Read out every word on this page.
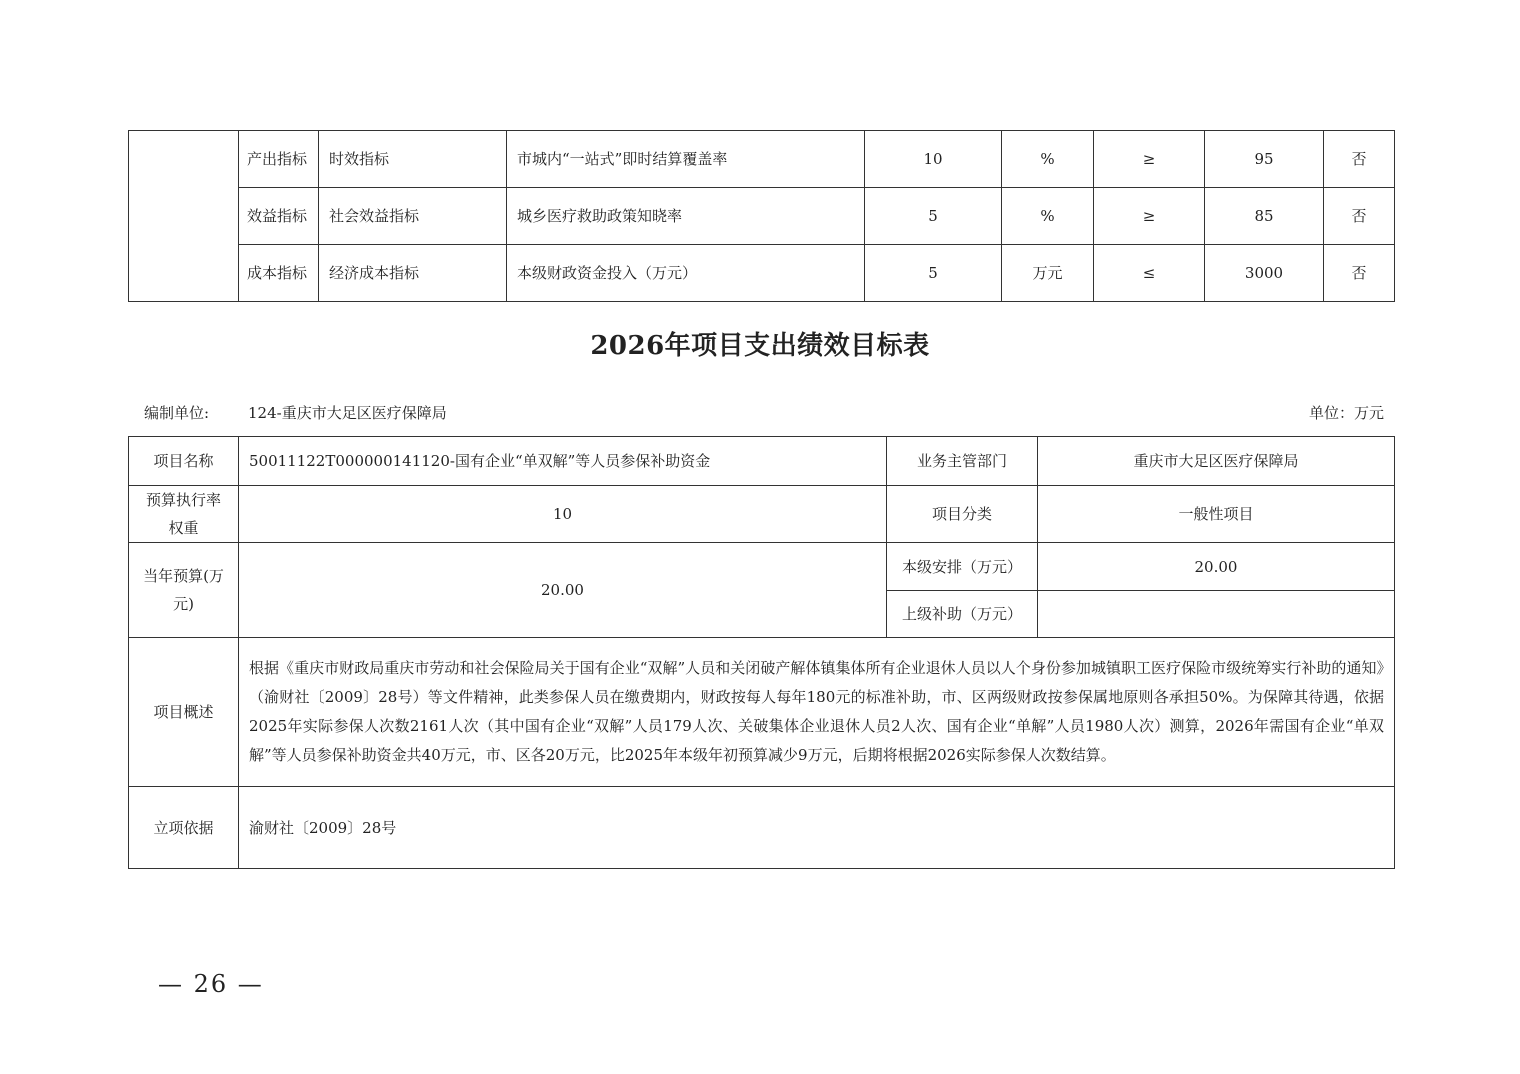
	产出指标	时效指标	市城内“一站式”即时结算覆盖率	10	%	≥	95	否
	效益指标	社会效益指标	城乡医疗救助政策知晓率	5	%	≥	85	否
	成本指标	经济成本指标	本级财政资金投入（万元）	5	万元	≤	3000	否
2026年项目支出绩效目标表
编制单位:	124-重庆市大足区医疗保障局	单位：万元
项目名称	50011122T000000141120-国有企业“单双解”等人员参保补助资金	业务主管部门	重庆市大足区医疗保障局
预算执行率权重	10	项目分类	一般性项目
当年预算(万元)	20.00	本级安排（万元）	20.00
		上级补助（万元）	
项目概述	根据《重庆市财政局重庆市劳动和社会保险局关于国有企业“双解”人员和关闭破产解体镇集体所有企业退休人员以人个身份参加城镇职工医疗保险市级统筹实行补助的通知》（渝财社〔2009〕28号）等文件精神，此类参保人员在缴费期内，财政按每人每年180元的标准补助，市、区两级财政按参保属地原则各承担50%。为保障其待遇，依据2025年实际参保人次数2161人次（其中国有企业“双解”人员179人次、关破集体企业退休人员2人次、国有企业“单解”人员1980人次）测算，2026年需国有企业“单双解”等人员参保补助资金共40万元，市、区各20万元，比2025年本级年初预算减少9万元，后期将根据2026实际参保人次数结算。		
立项依据	渝财社〔2009〕28号		
— 26 —
